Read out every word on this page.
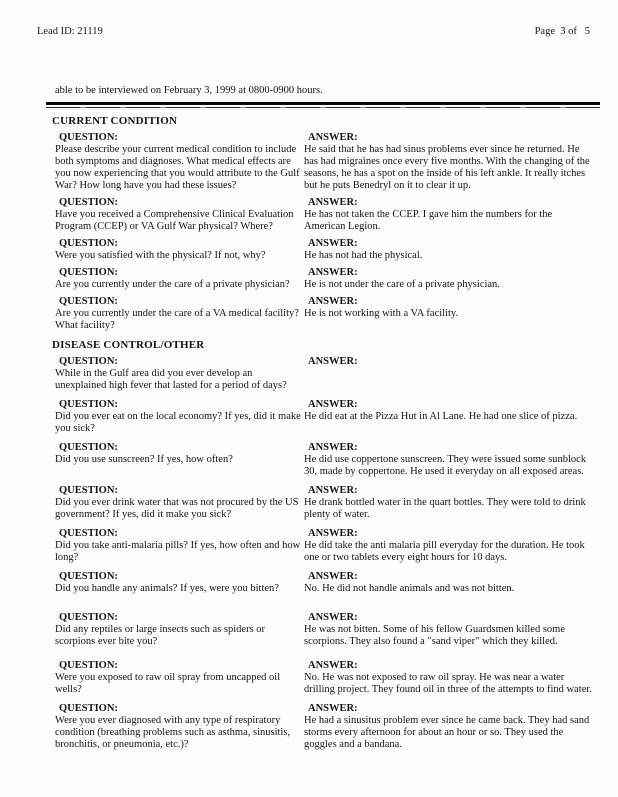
Lead ID: 21119	Page  3 of   5
able to be interviewed on February 3, 1999 at 0800-0900 hours.
CURRENT CONDITION
QUESTION:
Please describe your current medical condition to include both symptoms and diagnoses. What medical effects are you now experiencing that you would attribute to the Gulf War? How long have you had these issues?
ANSWER:
He said that he has had sinus problems ever since he returned. He has had migraines once every five months. With the changing of the seasons, he has a spot on the inside of his left ankle. It really itches but he puts Benedryl on it to clear it up.
QUESTION:
Have you received a Comprehensive Clinical Evaluation Program (CCEP) or VA Gulf War physical? Where?
ANSWER:
He has not taken the CCEP. I gave him the numbers for the American Legion.
QUESTION:
Were you satisfied with the physical? If not, why?
ANSWER:
He has not had the physical.
QUESTION:
Are you currently under the care of a private physician?
ANSWER:
He is not under the care of a private physician.
QUESTION:
Are you currently under the care of a VA medical facility? What facility?
ANSWER:
He is not working with a VA facility.
DISEASE CONTROL/OTHER
QUESTION:
While in the Gulf area did you ever develop an unexplained high fever that lasted for a period of days?
ANSWER:
QUESTION:
Did you ever eat on the local economy? If yes, did it make you sick?
ANSWER:
He did eat at the Pizza Hut in Al Lane. He had one slice of pizza.
QUESTION:
Did you use sunscreen? If yes, how often?
ANSWER:
He did use coppertone sunscreen. They were issued some sunblock 30, made by coppertone. He used it everyday on all exposed areas.
QUESTION:
Did you ever drink water that was not procured by the US government? If yes, did it make you sick?
ANSWER:
He drank bottled water in the quart bottles. They were told to drink plenty of water.
QUESTION:
Did you take anti-malaria pills? If yes, how often and how long?
ANSWER:
He did take the anti malaria pill everyday for the duration. He took one or two tablets every eight hours for 10 days.
QUESTION:
Did you handle any animals? If yes, were you bitten?
ANSWER:
No. He did not handle animals and was not bitten.
QUESTION:
Did any reptiles or large insects such as spiders or scorpions ever bite you?
ANSWER:
He was not bitten. Some of his fellow Guardsmen killed some scorpions. They also found a "sand viper" which they killed.
QUESTION:
Were you exposed to raw oil spray from uncapped oil wells?
ANSWER:
No. He was not exposed to raw oil spray. He was near a water drilling project. They found oil in three of the attempts to find water.
QUESTION:
Were you ever diagnosed with any type of respiratory condition (breathing problems such as asthma, sinusitis, bronchitis, or pneumonia, etc.)?
ANSWER:
He had a sinusitus problem ever since he came back. They had sand storms every afternoon for about an hour or so. They used the goggles and a bandana.
